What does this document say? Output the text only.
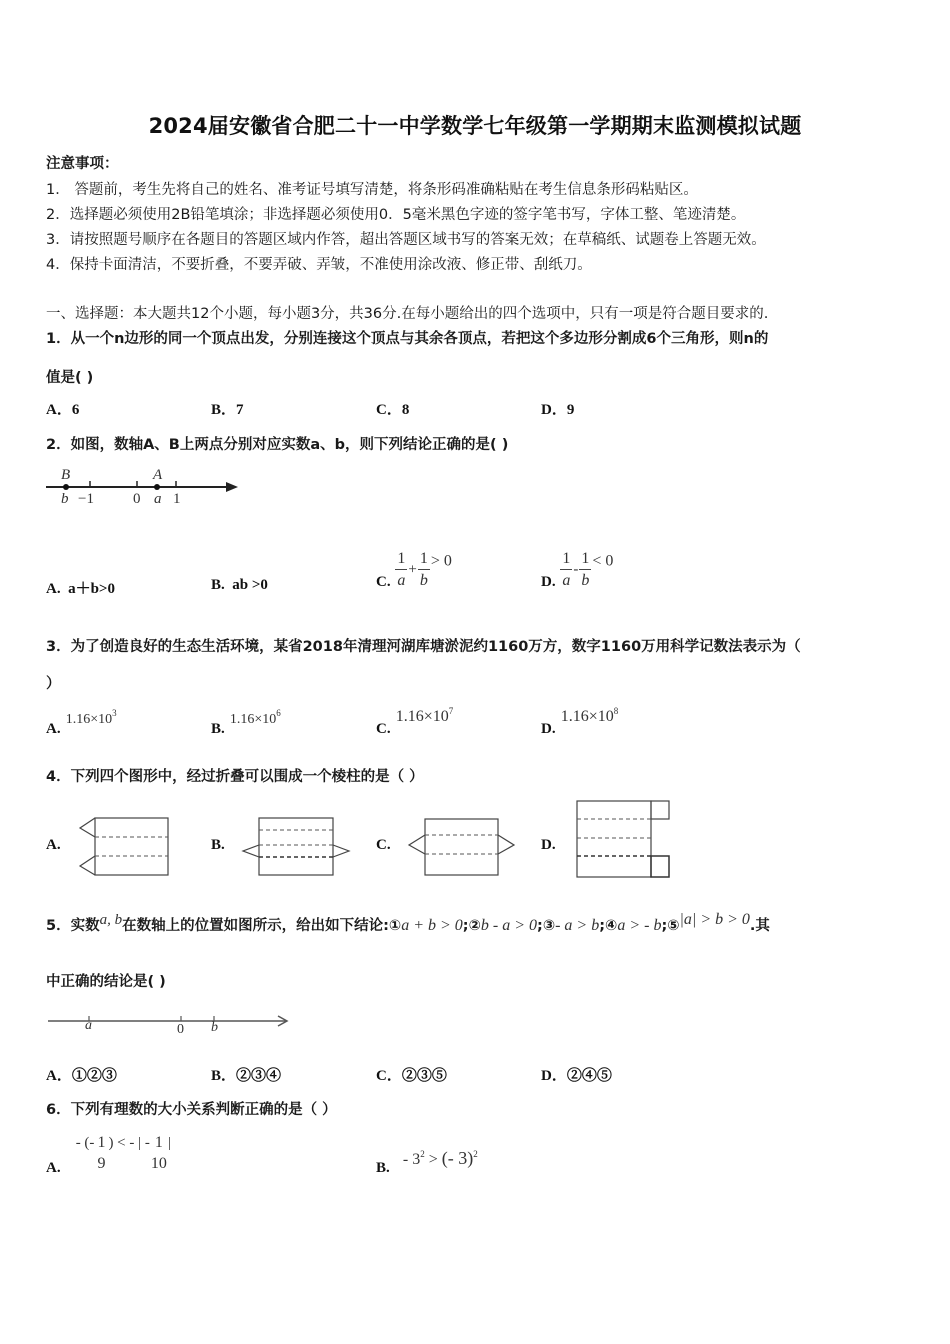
2024届安徽省合肥二十一中学数学七年级第一学期期末监测模拟试题
注意事项：
1． 答题前，考生先将自己的姓名、准考证号填写清楚，将条形码准确粘贴在考生信息条形码粘贴区。
2．选择题必须使用2B铅笔填涂；非选择题必须使用0．5毫米黑色字迹的签字笔书写，字体工整、笔迹清楚。
3．请按照题号顺序在各题目的答题区域内作答，超出答题区域书写的答案无效；在草稿纸、试题卷上答题无效。
4．保持卡面清洁，不要折叠，不要弄破、弄皱，不准使用涂改液、修正带、刮纸刀。
一、选择题：本大题共12个小题，每小题3分，共36分.在每小题给出的四个选项中，只有一项是符合题目要求的.
1．从一个n边形的同一个顶点出发，分别连接这个顶点与其余各顶点，若把这个多边形分割成6个三角形，则n的
值是( )
A．6	B．7	C．8	D．9
2．如图，数轴A、B上两点分别对应实数a、b，则下列结论正确的是( )
B	A
b −1	0 a 1
A. a＋b>0	B. ab >0	C. $\frac{1}{a} + \frac{1}{b} > 0$
D. $\frac{1}{a} - \frac{1}{b} < 0$
3．为了创造良好的生态生活环境，某省2018年清理河湖库塘淤泥约1160万方，数字1160万用科学记数法表示为（
）
A. $1.16\times 10^3$
B. $1.16\times 10^6$
C. $1.16\times 10^7$
D. $1.16\times 10^8$
4．下列四个图形中，经过折叠可以围成一个棱柱的是（ ）
A.	B.	C.	D.
5．实数a, b在数轴上的位置如图所示，给出如下结论:①a + b > 0;②b - a > 0;③- a > b;④a > - b;⑤|a| > b > 0.其
中正确的结论是( )
a	0 b
A．①②③	B．②③④	C．②③⑤	D．②④⑤
6．下列有理数的大小关系判断正确的是（ ）
A. - (- 1
9
) < - | - 1
10
|
B. - $3^2$ > (- 3)$^2$
